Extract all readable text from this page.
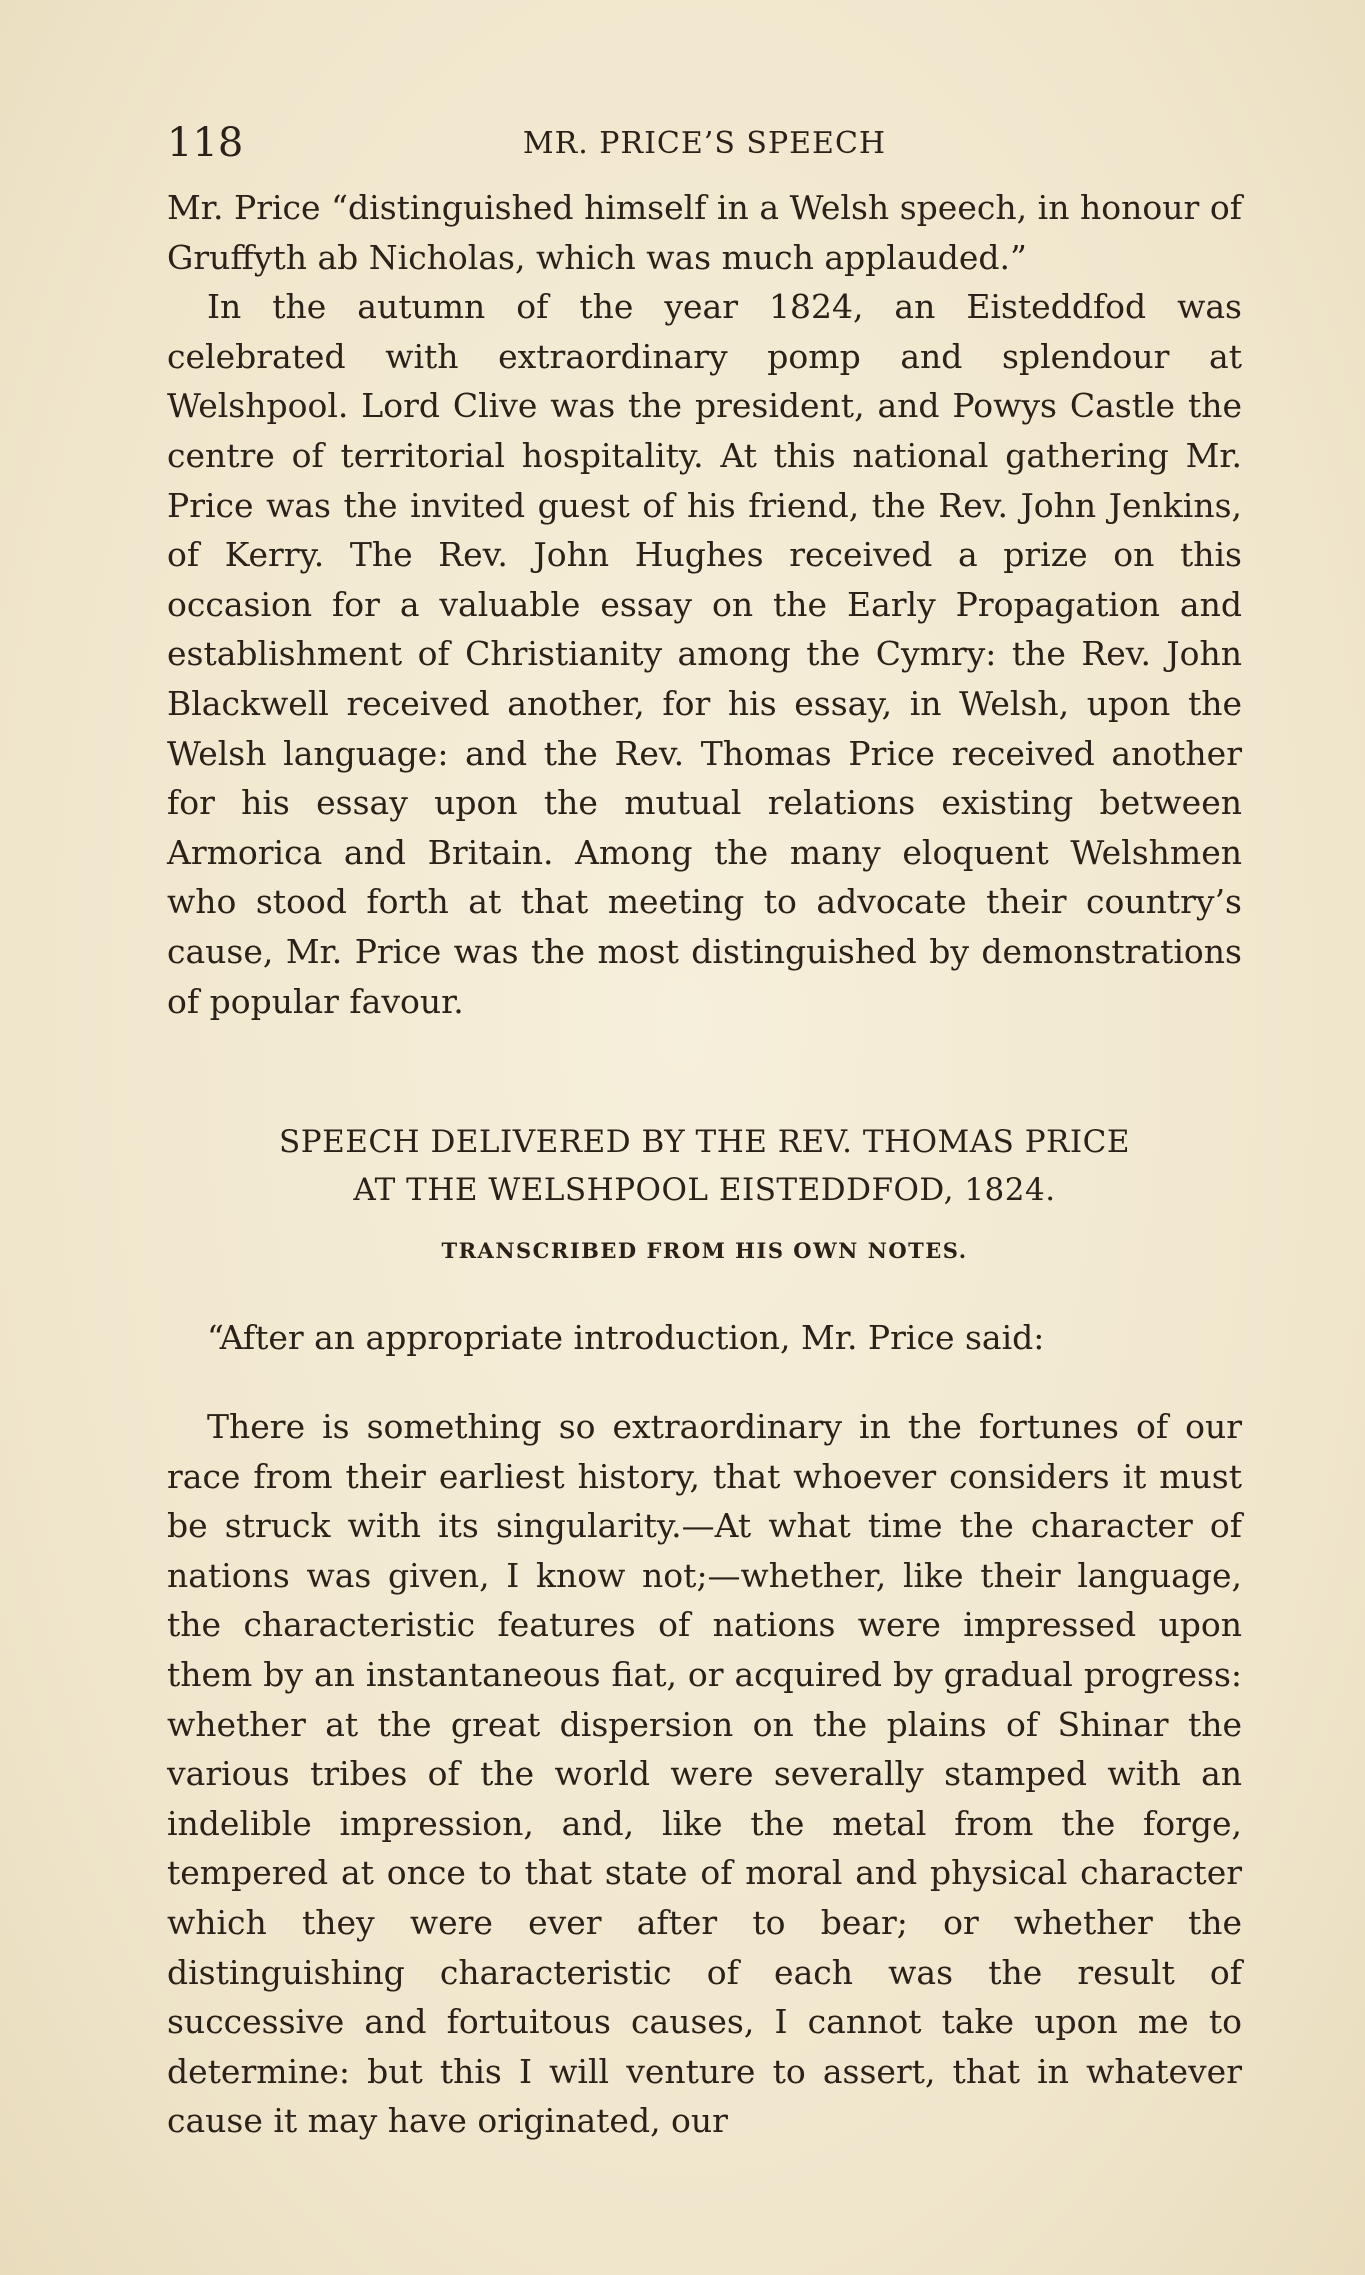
118	MR. PRICE’S SPEECH

Mr. Price “distinguished himself in a Welsh speech, in honour of Gruffyth ab Nicholas, which was much applauded.”

In the autumn of the year 1824, an Eisteddfod was celebrated with extraordinary pomp and splendour at Welshpool. Lord Clive was the president, and Powys Castle the centre of territorial hospitality. At this national gathering Mr. Price was the invited guest of his friend, the Rev. John Jenkins, of Kerry. The Rev. John Hughes received a prize on this occasion for a valuable essay on the Early Propagation and establishment of Christianity among the Cymry: the Rev. John Blackwell received another, for his essay, in Welsh, upon the Welsh language: and the Rev. Thomas Price received another for his essay upon the mutual relations existing between Armorica and Britain. Among the many eloquent Welshmen who stood forth at that meeting to advocate their country’s cause, Mr. Price was the most distinguished by demonstrations of popular favour.

SPEECH DELIVERED BY THE REV. THOMAS PRICE
AT THE WELSHPOOL EISTEDDFOD, 1824.
TRANSCRIBED FROM HIS OWN NOTES.

“After an appropriate introduction, Mr. Price said:

There is something so extraordinary in the fortunes of our race from their earliest history, that whoever considers it must be struck with its singularity.—At what time the character of nations was given, I know not;—whether, like their language, the characteristic features of nations were impressed upon them by an instantaneous fiat, or acquired by gradual progress: whether at the great dispersion on the plains of Shinar the various tribes of the world were severally stamped with an indelible impression, and, like the metal from the forge, tempered at once to that state of moral and physical character which they were ever after to bear; or whether the distinguishing characteristic of each was the result of successive and fortuitous causes, I cannot take upon me to determine: but this I will venture to assert, that in whatever cause it may have originated, our
